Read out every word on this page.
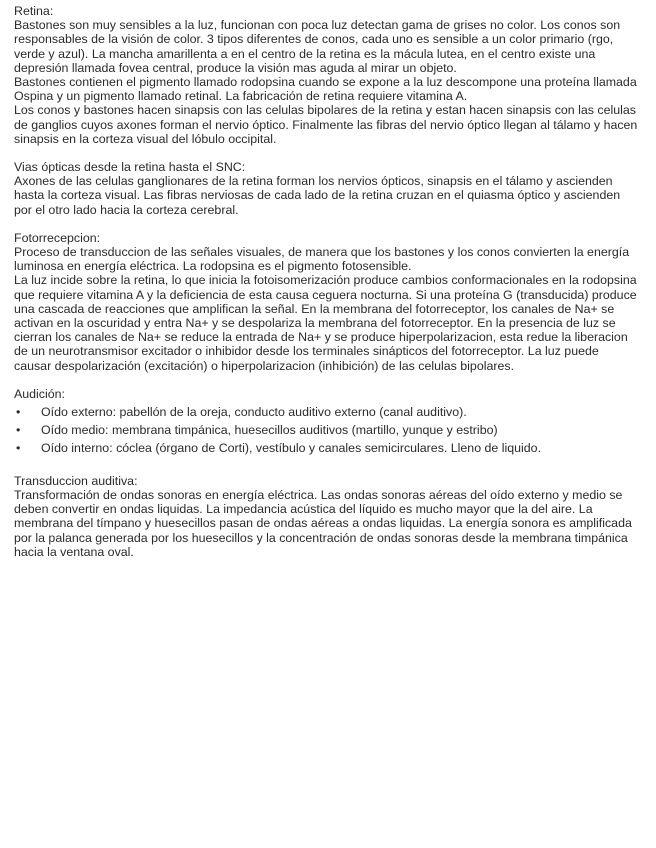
Retina:

Bastones son muy sensibles a la luz, funcionan con poca luz detectan gama de grises no color. Los conos son responsables de la visión de color. 3 tipos diferentes de conos, cada uno es sensible a un color primario (rgo, verde y azul). La mancha amarillenta a en el centro de la retina es la mácula lutea, en el centro existe una depresión llamada fovea central, produce la visión mas aguda al mirar un objeto.

Bastones contienen el pigmento llamado rodopsina cuando se expone a la luz descompone una proteína llamada Ospina y un pigmento llamado retinal. La fabricación de retina requiere vitamina A.

Los conos y bastones hacen sinapsis con las celulas bipolares de la retina y estan hacen sinapsis con las celulas de ganglios cuyos axones forman el nervio óptico. Finalmente las fibras del nervio óptico llegan al tálamo y hacen sinapsis en la corteza visual del lóbulo occipital.

Vias ópticas desde la retina hasta el SNC:

Axones de las celulas ganglionares de la retina forman los nervios ópticos, sinapsis en el tálamo y ascienden hasta la corteza visual. Las fibras nerviosas de cada lado de la retina cruzan en el quiasma óptico y ascienden por el otro lado hacia la corteza cerebral.

Fotorrecepcion:

Proceso de transduccion de las señales visuales, de manera que los bastones y los conos convierten la energía luminosa en energía eléctrica. La rodopsina es el pigmento fotosensible.

La luz incide sobre la retina, lo que inicia la fotoisomerización produce cambios conformacionales en la rodopsina que requiere vitamina A y la deficiencia de esta causa ceguera nocturna. Si una proteína G (transducida) produce una cascada de reacciones que amplifican la señal. En la membrana del fotorreceptor, los canales de Na+ se activan en la oscuridad y entra Na+ y se despolariza la membrana del fotorreceptor. En la presencia de luz se cierran los canales de Na+ se reduce la entrada de Na+ y se produce hiperpolarizacion, esta redue la liberacion de un neurotransmisor excitador o inhibidor desde los terminales sinápticos del fotorreceptor. La luz puede causar despolarización (excitación) o hiperpolarizacion (inhibición) de las celulas bipolares.

Audición:

• Oído externo: pabellón de la oreja, conducto auditivo externo (canal auditivo).
• Oído medio: membrana timpánica, huesecillos auditivos (martillo, yunque y estribo)
• Oído interno: cóclea (órgano de Corti), vestíbulo y canales semicirculares. Lleno de liquido.

Transduccion auditiva:

Transformación de ondas sonoras en energía eléctrica. Las ondas sonoras aéreas del oído externo y medio se deben convertir en ondas liquidas. La impedancia acústica del líquido es mucho mayor que la del aire. La membrana del tímpano y huesecillos pasan de ondas aéreas a ondas liquidas. La energía sonora es amplificada por la palanca generada por los huesecillos y la concentración de ondas sonoras desde la membrana timpánica hacia la ventana oval.
